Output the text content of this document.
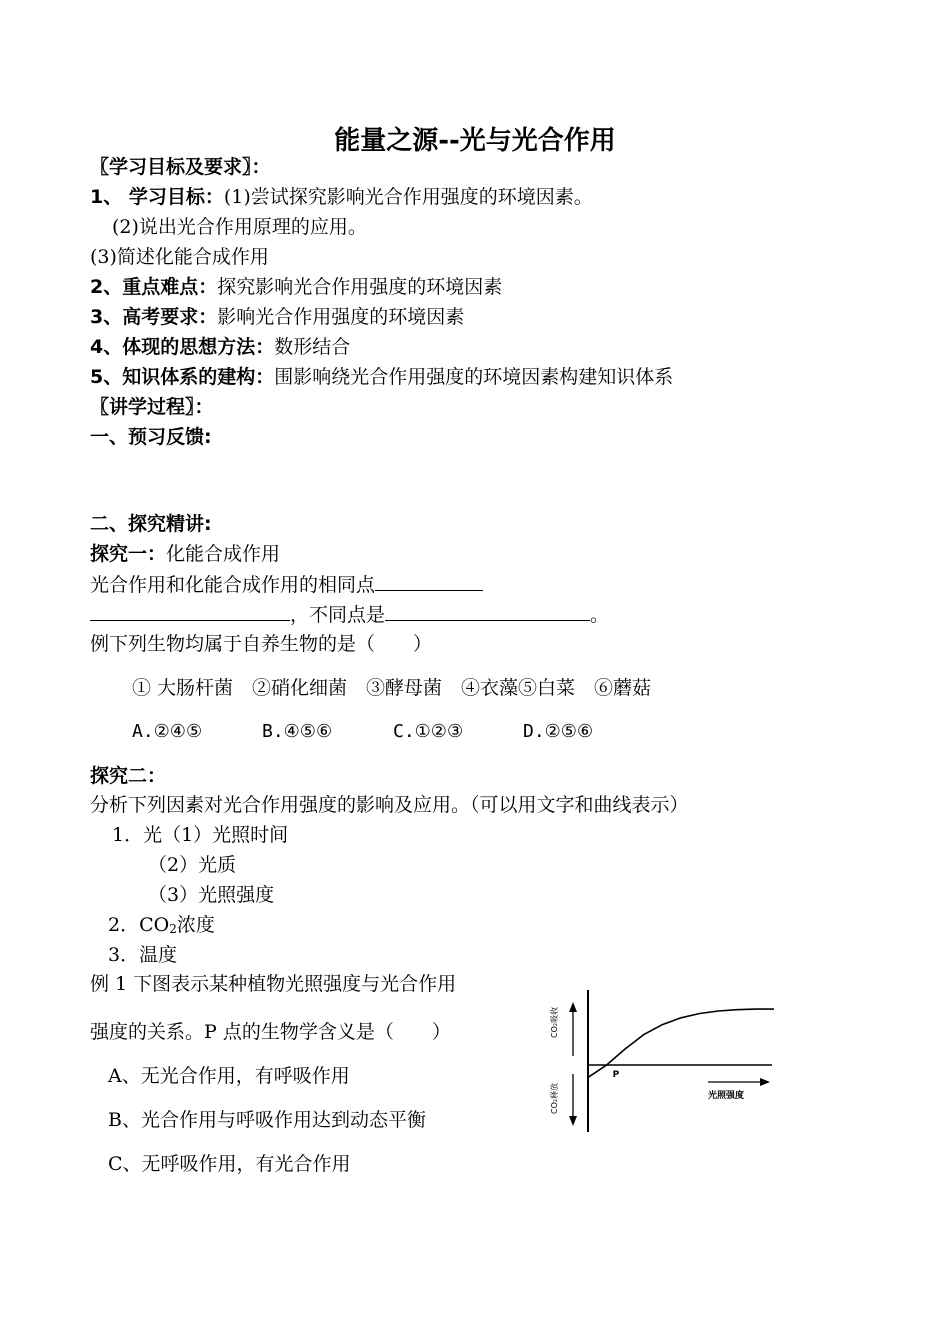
能量之源--光与光合作用
〖学习目标及要求〗：
1、 学习目标：(1)尝试探究影响光合作用强度的环境因素。
(2)说出光合作用原理的应用。
(3)简述化能合成作用
2、重点难点：探究影响光合作用强度的环境因素
3、高考要求：影响光合作用强度的环境因素
4、体现的思想方法：数形结合
5、知识体系的建构：围影响绕光合作用强度的环境因素构建知识体系
〖讲学过程〗：
一、预习反馈:
二、探究精讲:
探究一：化能合成作用
光合作用和化能合成作用的相同点
，不同点是	。
例下列生物均属于自养生物的是（　　）
① 大肠杆菌　②硝化细菌　③酵母菌　④衣藻⑤白菜　⑥蘑菇
A.②④⑤	B.④⑤⑥	C.①②③	D.②⑤⑥
探究二：
分析下列因素对光合作用强度的影响及应用。（可以用文字和曲线表示）
1．光（1）光照时间
（2）光质
（3）光照强度
2．CO2浓度
3．温度
例 1 下图表示某种植物光照强度与光合作用
强度的关系。P 点的生物学含义是（　　）
A、无光合作用，有呼吸作用
B、光合作用与呼吸作用达到动态平衡
C、无呼吸作用，有光合作用
光照强度
CO₂吸收
CO₂释放
P
